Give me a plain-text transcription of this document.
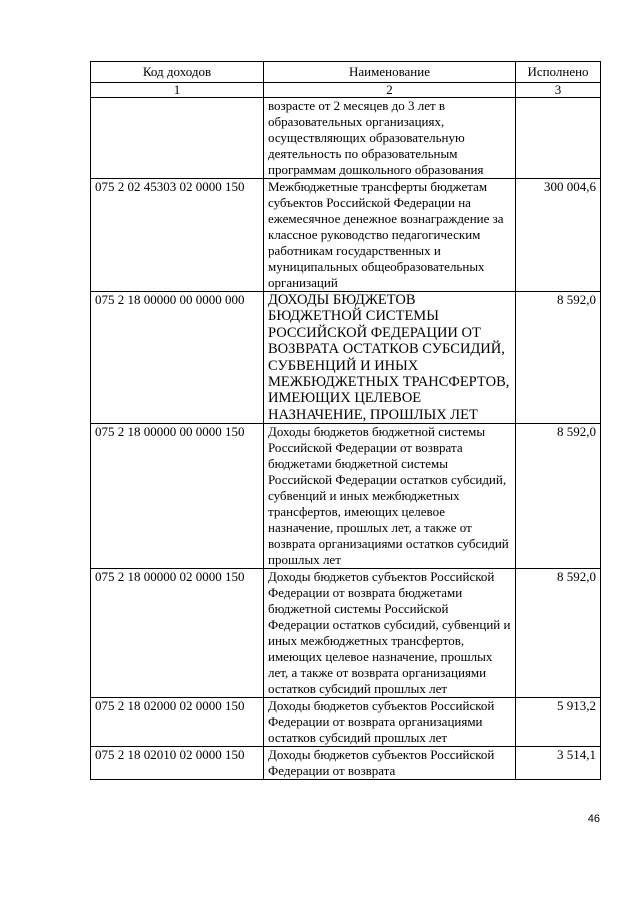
Код доходов	Наименование	Исполнено
1	2	3
	возрасте от 2 месяцев до 3 лет в образовательных организациях, осуществляющих образовательную деятельность по образовательным программам дошкольного образования	
075 2 02 45303 02 0000 150	Межбюджетные трансферты бюджетам субъектов Российской Федерации на ежемесячное денежное вознаграждение за классное руководство педагогическим работникам государственных и муниципальных общеобразовательных организаций	300 004,6
075 2 18 00000 00 0000 000	ДОХОДЫ БЮДЖЕТОВ БЮДЖЕТНОЙ СИСТЕМЫ РОССИЙСКОЙ ФЕДЕРАЦИИ ОТ ВОЗВРАТА ОСТАТКОВ СУБСИДИЙ, СУБВЕНЦИЙ И ИНЫХ МЕЖБЮДЖЕТНЫХ ТРАНСФЕРТОВ, ИМЕЮЩИХ ЦЕЛЕВОЕ НАЗНАЧЕНИЕ, ПРОШЛЫХ ЛЕТ	8 592,0
075 2 18 00000 00 0000 150	Доходы бюджетов бюджетной системы Российской Федерации от возврата бюджетами бюджетной системы Российской Федерации остатков субсидий, субвенций и иных межбюджетных трансфертов, имеющих целевое назначение, прошлых лет, а также от возврата организациями остатков субсидий прошлых лет	8 592,0
075 2 18 00000 02 0000 150	Доходы бюджетов субъектов Российской Федерации от возврата бюджетами бюджетной системы Российской Федерации остатков субсидий, субвенций и иных межбюджетных трансфертов, имеющих целевое назначение, прошлых лет, а также от возврата организациями остатков субсидий прошлых лет	8 592,0
075 2 18 02000 02 0000 150	Доходы бюджетов субъектов Российской Федерации от возврата организациями остатков субсидий прошлых лет	5 913,2
075 2 18 02010 02 0000 150	Доходы бюджетов субъектов Российской Федерации от возврата	3 514,1
46
